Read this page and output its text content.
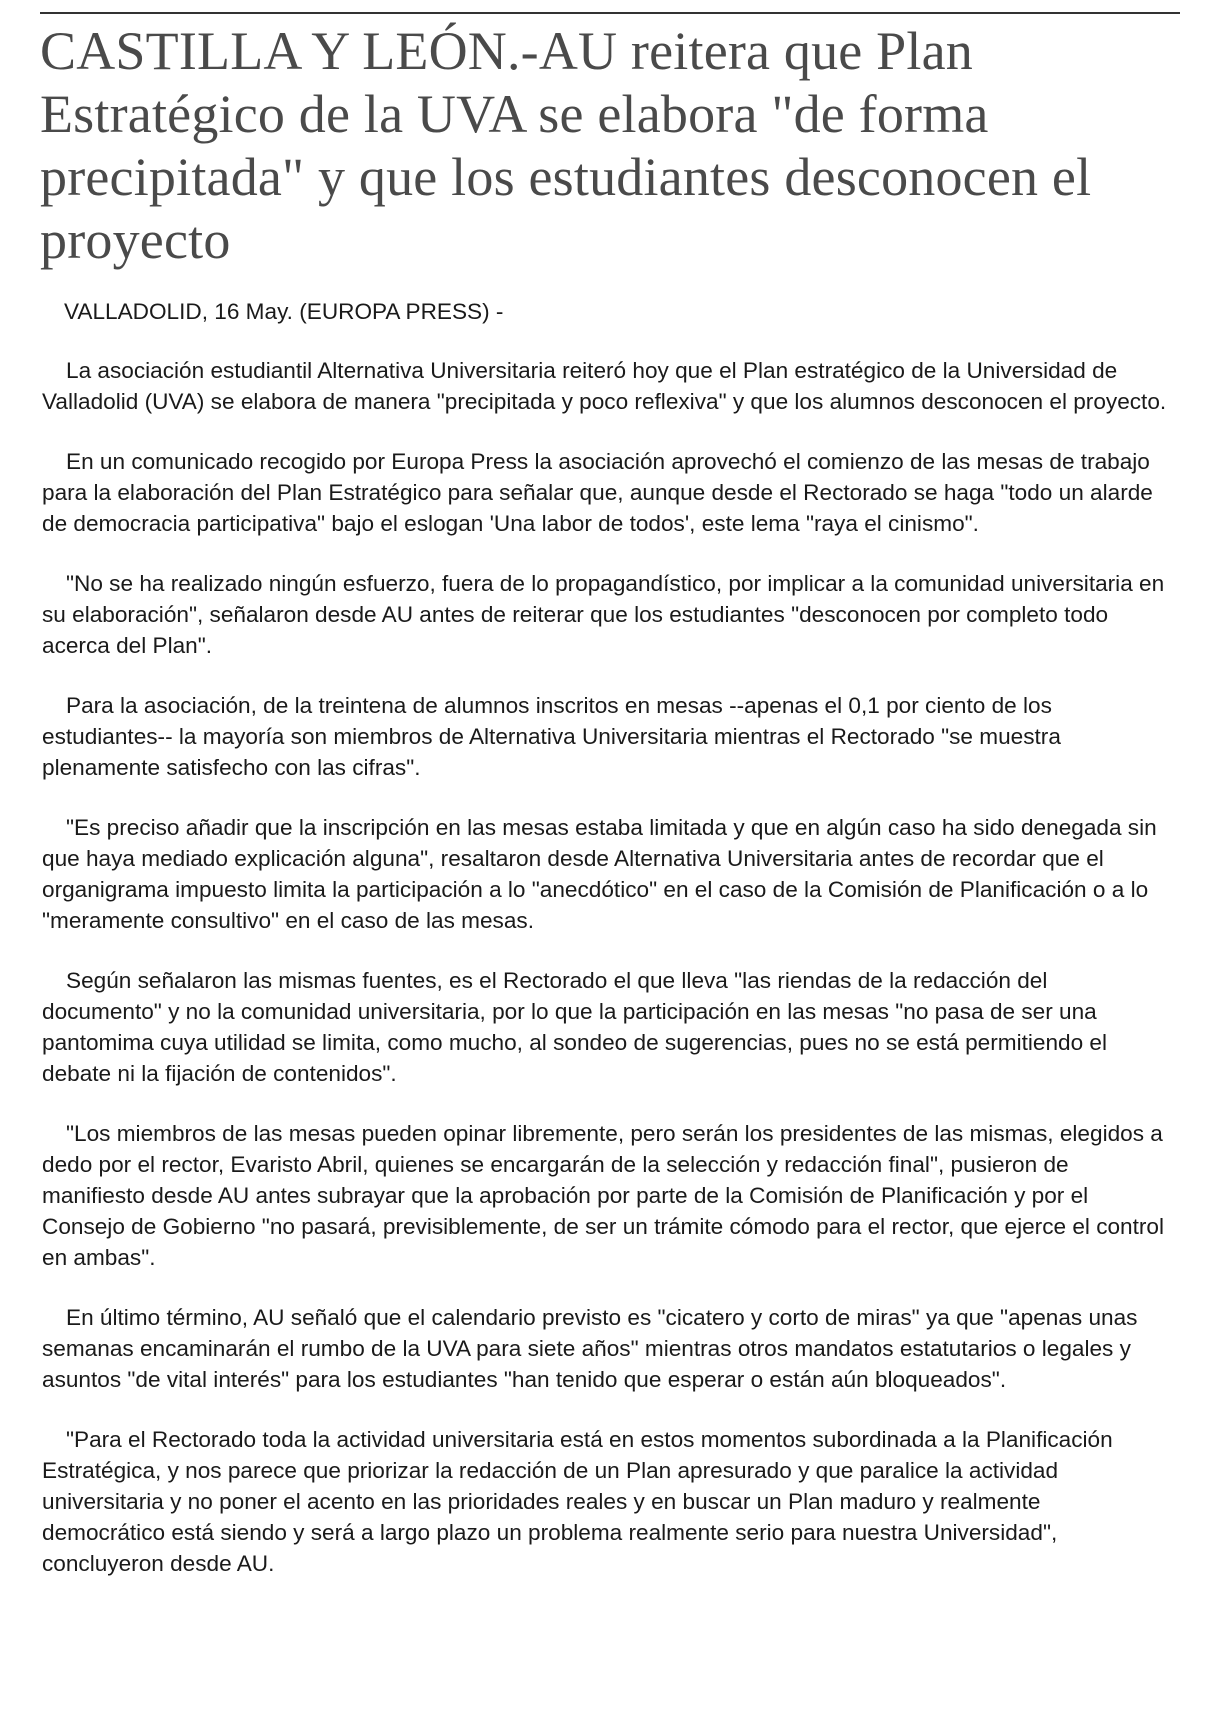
CASTILLA Y LEÓN.-AU reitera que Plan Estratégico de la UVA se elabora "de forma precipitada" y que los estudiantes desconocen el proyecto
VALLADOLID, 16 May. (EUROPA PRESS) -

La asociación estudiantil Alternativa Universitaria reiteró hoy que el Plan estratégico de la Universidad de Valladolid (UVA) se elabora de manera "precipitada y poco reflexiva" y que los alumnos desconocen el proyecto.

En un comunicado recogido por Europa Press la asociación aprovechó el comienzo de las mesas de trabajo para la elaboración del Plan Estratégico para señalar que, aunque desde el Rectorado se haga "todo un alarde de democracia participativa" bajo el eslogan 'Una labor de todos', este lema "raya el cinismo".

"No se ha realizado ningún esfuerzo, fuera de lo propagandístico, por implicar a la comunidad universitaria en su elaboración", señalaron desde AU antes de reiterar que los estudiantes "desconocen por completo todo acerca del Plan".

Para la asociación, de la treintena de alumnos inscritos en mesas --apenas el 0,1 por ciento de los estudiantes-- la mayoría son miembros de Alternativa Universitaria mientras el Rectorado "se muestra plenamente satisfecho con las cifras".

"Es preciso añadir que la inscripción en las mesas estaba limitada y que en algún caso ha sido denegada sin que haya mediado explicación alguna", resaltaron desde Alternativa Universitaria antes de recordar que el organigrama impuesto limita la participación a lo "anecdótico" en el caso de la Comisión de Planificación o a lo "meramente consultivo" en el caso de las mesas.

Según señalaron las mismas fuentes, es el Rectorado el que lleva "las riendas de la redacción del documento" y no la comunidad universitaria, por lo que la participación en las mesas "no pasa de ser una pantomima cuya utilidad se limita, como mucho, al sondeo de sugerencias, pues no se está permitiendo el debate ni la fijación de contenidos".

"Los miembros de las mesas pueden opinar libremente, pero serán los presidentes de las mismas, elegidos a dedo por el rector, Evaristo Abril, quienes se encargarán de la selección y redacción final", pusieron de manifiesto desde AU antes subrayar que la aprobación por parte de la Comisión de Planificación y por el Consejo de Gobierno "no pasará, previsiblemente, de ser un trámite cómodo para el rector, que ejerce el control en ambas".

En último término, AU señaló que el calendario previsto es "cicatero y corto de miras" ya que "apenas unas semanas encaminarán el rumbo de la UVA para siete años" mientras otros mandatos estatutarios o legales y asuntos "de vital interés" para los estudiantes "han tenido que esperar o están aún bloqueados".

"Para el Rectorado toda la actividad universitaria está en estos momentos subordinada a la Planificación Estratégica, y nos parece que priorizar la redacción de un Plan apresurado y que paralice la actividad universitaria y no poner el acento en las prioridades reales y en buscar un Plan maduro y realmente democrático está siendo y será a largo plazo un problema realmente serio para nuestra Universidad", concluyeron desde AU.
